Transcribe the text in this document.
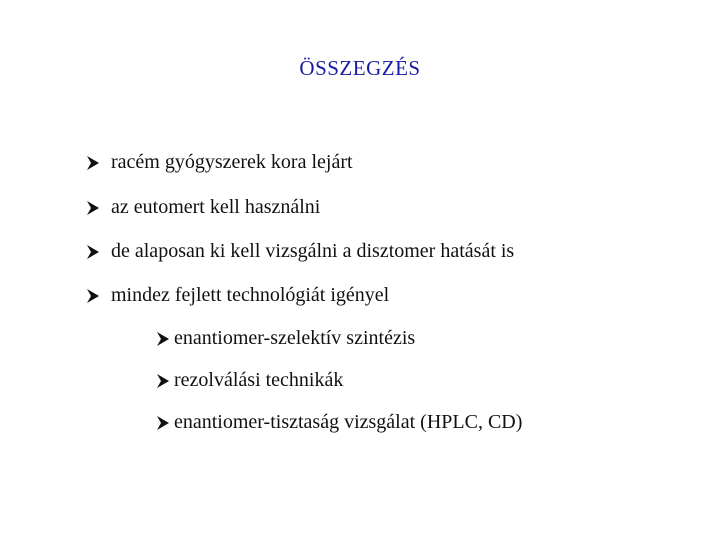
ÖSSZEGZÉS
racém gyógyszerek kora lejárt
az eutomert kell használni
de alaposan ki kell vizsgálni a disztomer hatását is
mindez fejlett technológiát igényel
enantiomer-szelektív szintézis
rezolválási technikák
enantiomer-tisztaság vizsgálat (HPLC, CD)
